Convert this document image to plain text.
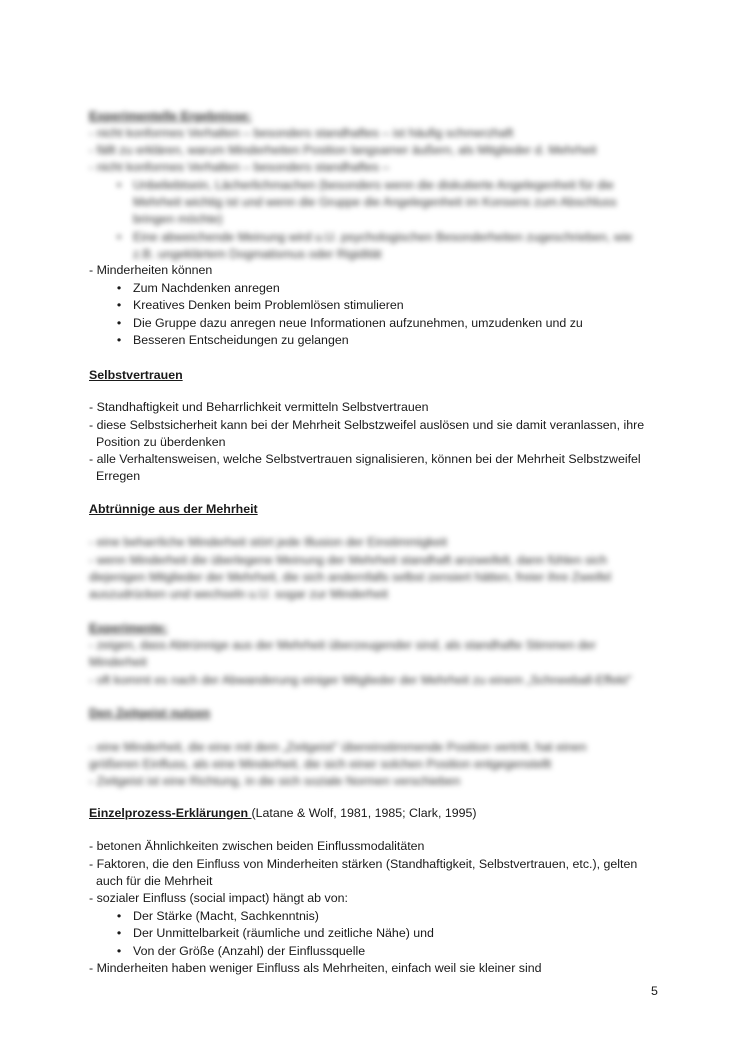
Experimentelle Ergebnisse:
- nicht konformes Verhalten – besonders standhaftes – ist häufig schmerzhaft
- fällt zu erklären, warum Minderheiten Position langsamer äußern, als Mitglieder d. Mehrheit
- nicht konformes Verhalten – besonders standhaftes –
• Unbeliebtsein, Lächerlichmachen (besonders wenn die diskutierte Angelegenheit für die
Mehrheit wichtig ist und wenn die Gruppe die Angelegenheit im Konsens zum Abschluss
bringen möchte)
• Eine abweichende Meinung wird u.U. psychologischen Besonderheiten zugeschrieben, wie
z.B. ungeklärtem Dogmatismus oder Rigidität
- Minderheiten können
• Zum Nachdenken anregen
• Kreatives Denken beim Problemlösen stimulieren
• Die Gruppe dazu anregen neue Informationen aufzunehmen, umzudenken und zu
• Besseren Entscheidungen zu gelangen
Selbstvertrauen
- Standhaftigkeit und Beharrlichkeit vermitteln Selbstvertrauen
- diese Selbstsicherheit kann bei der Mehrheit Selbstzweifel auslösen und sie damit veranlassen, ihre
Position zu überdenken
- alle Verhaltensweisen, welche Selbstvertrauen signalisieren, können bei der Mehrheit Selbstzweifel
Erregen
Abtrünnige aus der Mehrheit
- eine beharrliche Minderheit stört jede Illusion der Einstimmigkeit
- wenn Minderheit die überlegene Meinung der Mehrheit standhaft anzweifelt, dann fühlen sich
diejenigen Mitglieder der Mehrheit, die sich andernfalls selbst zensiert hätten, freier ihre Zweifel
auszudrücken und wechseln u.U. sogar zur Minderheit
Experimente:
- zeigen, dass Abtrünnige aus der Mehrheit überzeugender sind, als standhafte Stimmen der
Minderheit
- oft kommt es nach der Abwanderung einiger Mitglieder der Mehrheit zu einem „Schneeball-Effekt"
Den Zeitgeist nutzen
- eine Minderheit, die eine mit dem „Zeitgeist" übereinstimmende Position vertritt, hat einen
größeren Einfluss, als eine Minderheit, die sich einer solchen Position entgegenstellt
- Zeitgeist ist eine Richtung, in die sich soziale Normen verschieben
Einzelprozess-Erklärungen (Latane & Wolf, 1981, 1985; Clark, 1995)
- betonen Ähnlichkeiten zwischen beiden Einflussmodalitäten
- Faktoren, die den Einfluss von Minderheiten stärken (Standhaftigkeit, Selbstvertrauen, etc.), gelten
auch für die Mehrheit
- sozialer Einfluss (social impact) hängt ab von:
• Der Stärke (Macht, Sachkenntnis)
• Der Unmittelbarkeit (räumliche und zeitliche Nähe) und
• Von der Größe (Anzahl) der Einflussquelle
- Minderheiten haben weniger Einfluss als Mehrheiten, einfach weil sie kleiner sind
5
